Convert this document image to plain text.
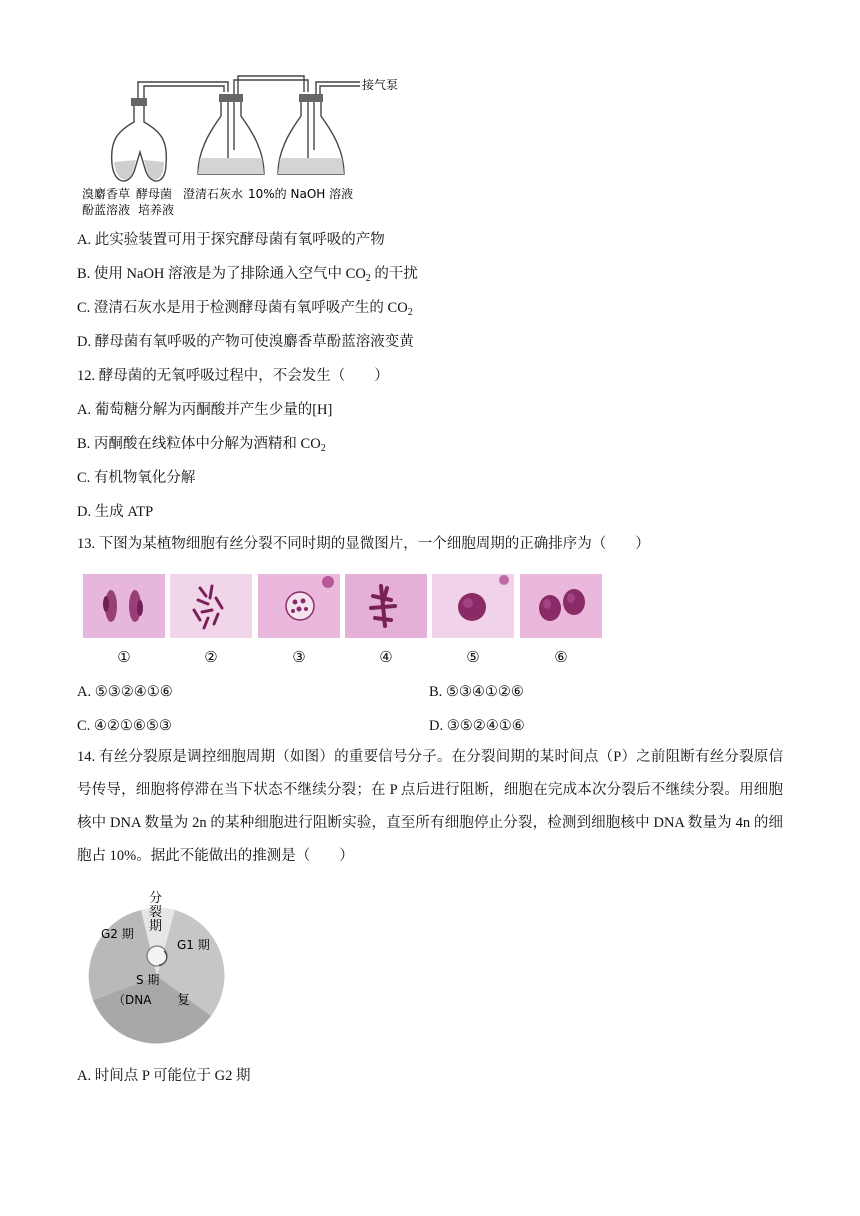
接气泵
溴麝香草
酚蓝溶液
酵母菌
培养液
澄清石灰水 10%的 NaOH 溶液
A. 此实验装置可用于探究酵母菌有氧呼吸的产物
B. 使用 NaOH 溶液是为了排除通入空气中 $CO_2$ 的干扰
C. 澄清石灰水是用于检测酵母菌有氧呼吸产生的 $CO_2$
D. 酵母菌有氧呼吸的产物可使溴麝香草酚蓝溶液变黄
12. 酵母菌的无氧呼吸过程中，不会发生（　　）
A. 葡萄糖分解为丙酮酸并产生少量的[H]
B. 丙酮酸在线粒体中分解为酒精和 $CO_2$
C. 有机物氧化分解
D. 生成 ATP
13. 下图为某植物细胞有丝分裂不同时期的显微图片，一个细胞周期的正确排序为（　　）
①	②	③	④	⑤	⑥
A. ⑤③②④①⑥	B. ⑤③④①②⑥
C. ④②①⑥⑤③	D. ③⑤②④①⑥
14. 有丝分裂原是调控细胞周期（如图）的重要信号分子。在分裂间期的某时间点（P）之前阻断有丝分裂原信号传导，细胞将停滞在当下状态不继续分裂；在 P 点后进行阻断，细胞在完成本次分裂后不继续分裂。用细胞核中 DNA 数量为 2n 的某种细胞进行阻断实验，直至所有细胞停止分裂，检测到细胞核中 DNA 数量为 4n 的细胞占 10%。据此不能做出的推测是（　　）
分
裂
期
G1 期
G2 期
S 期
（DNA 复
A. 时间点 P 可能位于 G2 期
